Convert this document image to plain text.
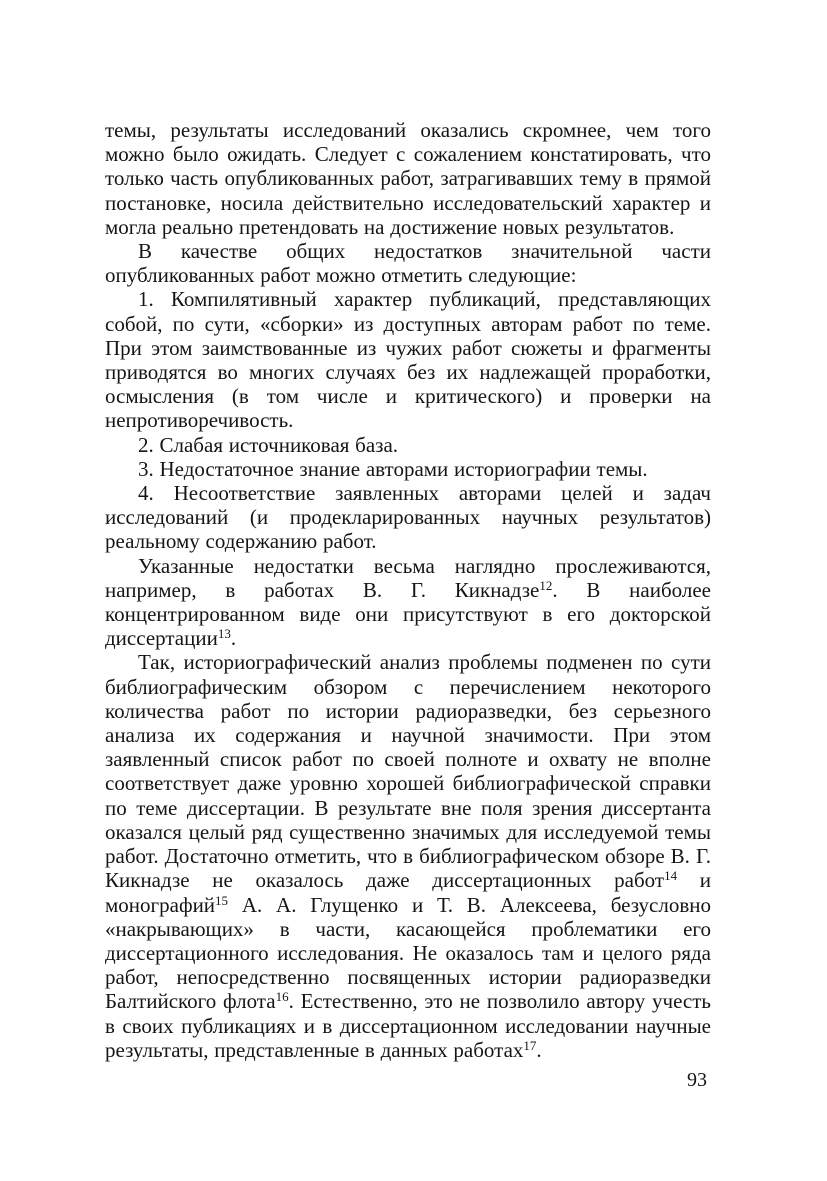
темы, результаты исследований оказались скромнее, чем того можно было ожидать. Следует с сожалением констатировать, что только часть опубликованных работ, затрагивавших тему в прямой постановке, носила действительно исследовательский характер и могла реально претендовать на достижение новых результатов.

В качестве общих недостатков значительной части опубликованных работ можно отметить следующие:

1. Компилятивный характер публикаций, представляющих собой, по сути, «сборки» из доступных авторам работ по теме. При этом заимствованные из чужих работ сюжеты и фрагменты приводятся во многих случаях без их надлежащей проработки, осмысления (в том числе и критического) и проверки на непротиворечивость.

2. Слабая источниковая база.

3. Недостаточное знание авторами историографии темы.

4. Несоответствие заявленных авторами целей и задач исследований (и продекларированных научных результатов) реальному содержанию работ.

Указанные недостатки весьма наглядно прослеживаются, например, в работах В. Г. Кикнадзе$^{12}$. В наиболее концентрированном виде они присутствуют в его докторской диссертации$^{13}$.

Так, историографический анализ проблемы подменен по сути библиографическим обзором с перечислением некоторого количества работ по истории радиоразведки, без серьезного анализа их содержания и научной значимости. При этом заявленный список работ по своей полноте и охвату не вполне соответствует даже уровню хорошей библиографической справки по теме диссертации. В результате вне поля зрения диссертанта оказался целый ряд существенно значимых для исследуемой темы работ. Достаточно отметить, что в библиографическом обзоре В. Г. Кикнадзе не оказалось даже диссертационных работ$^{14}$ и монографий$^{15}$ А. А. Глущенко и Т. В. Алексеева, безусловно «накрывающих» в части, касающейся проблематики его диссертационного исследования. Не оказалось там и целого ряда работ, непосредственно посвященных истории радиоразведки Балтийского флота$^{16}$. Естественно, это не позволило автору учесть в своих публикациях и в диссертационном исследовании научные результаты, представленные в данных работах$^{17}$.

93
